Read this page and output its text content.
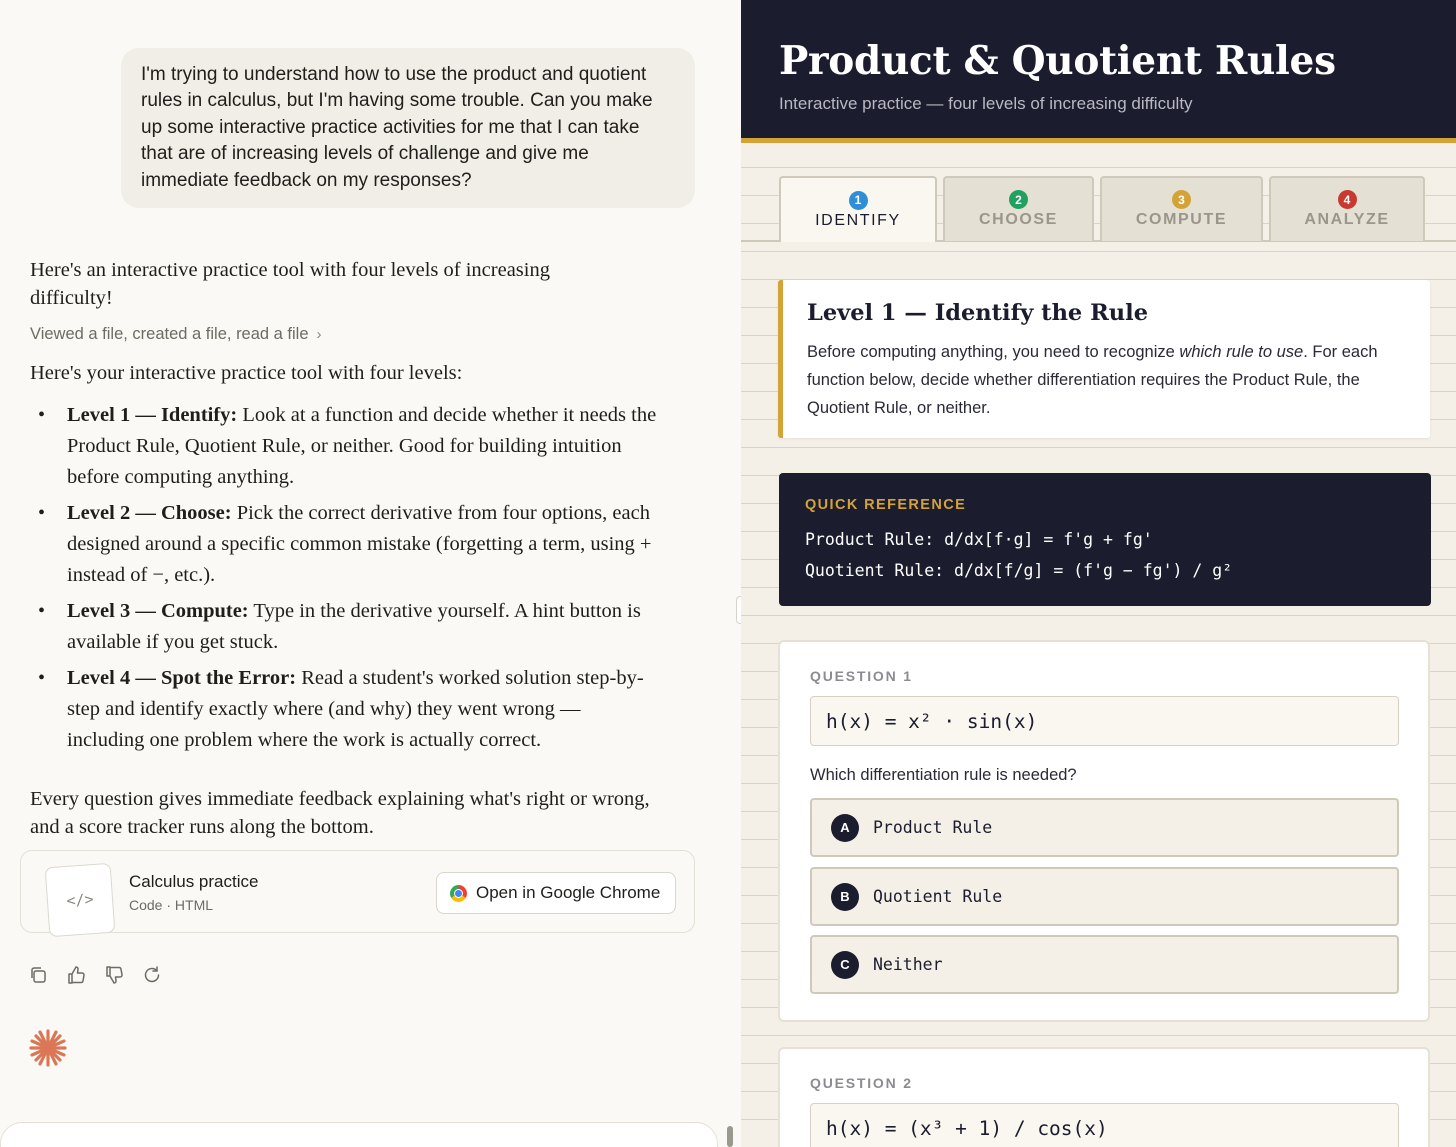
I'm trying to understand how to use the product and quotient rules in calculus, but I'm having some trouble. Can you make up some interactive practice activities for me that I can take that are of increasing levels of challenge and give me immediate feedback on my responses?
Here's an interactive practice tool with four levels of increasing difficulty!
Viewed a file, created a file, read a file ›
Here's your interactive practice tool with four levels:
• Level 1 — Identify: Look at a function and decide whether it needs the Product Rule, Quotient Rule, or neither. Good for building intuition before computing anything.
• Level 2 — Choose: Pick the correct derivative from four options, each designed around a specific common mistake (forgetting a term, using + instead of −, etc.).
• Level 3 — Compute: Type in the derivative yourself. A hint button is available if you get stuck.
• Level 4 — Spot the Error: Read a student's worked solution step-by-step and identify exactly where (and why) they went wrong — including one problem where the work is actually correct.
Every question gives immediate feedback explaining what's right or wrong, and a score tracker runs along the bottom.
</>
Calculus practice
Code · HTML
Open in Google Chrome
Product & Quotient Rules
Interactive practice — four levels of increasing difficulty
1
IDENTIFY
2
CHOOSE
3
COMPUTE
4
ANALYZE
Level 1 — Identify the Rule
Before computing anything, you need to recognize which rule to use. For each function below, decide whether differentiation requires the Product Rule, the Quotient Rule, or neither.
QUICK REFERENCE
Product Rule: d/dx[f·g] = f'g + fg'
Quotient Rule: d/dx[f/g] = (f'g − fg') / g²
QUESTION 1
h(x) = x² · sin(x)
Which differentiation rule is needed?
A	Product Rule
B	Quotient Rule
C	Neither
QUESTION 2
h(x) = (x³ + 1) / cos(x)
